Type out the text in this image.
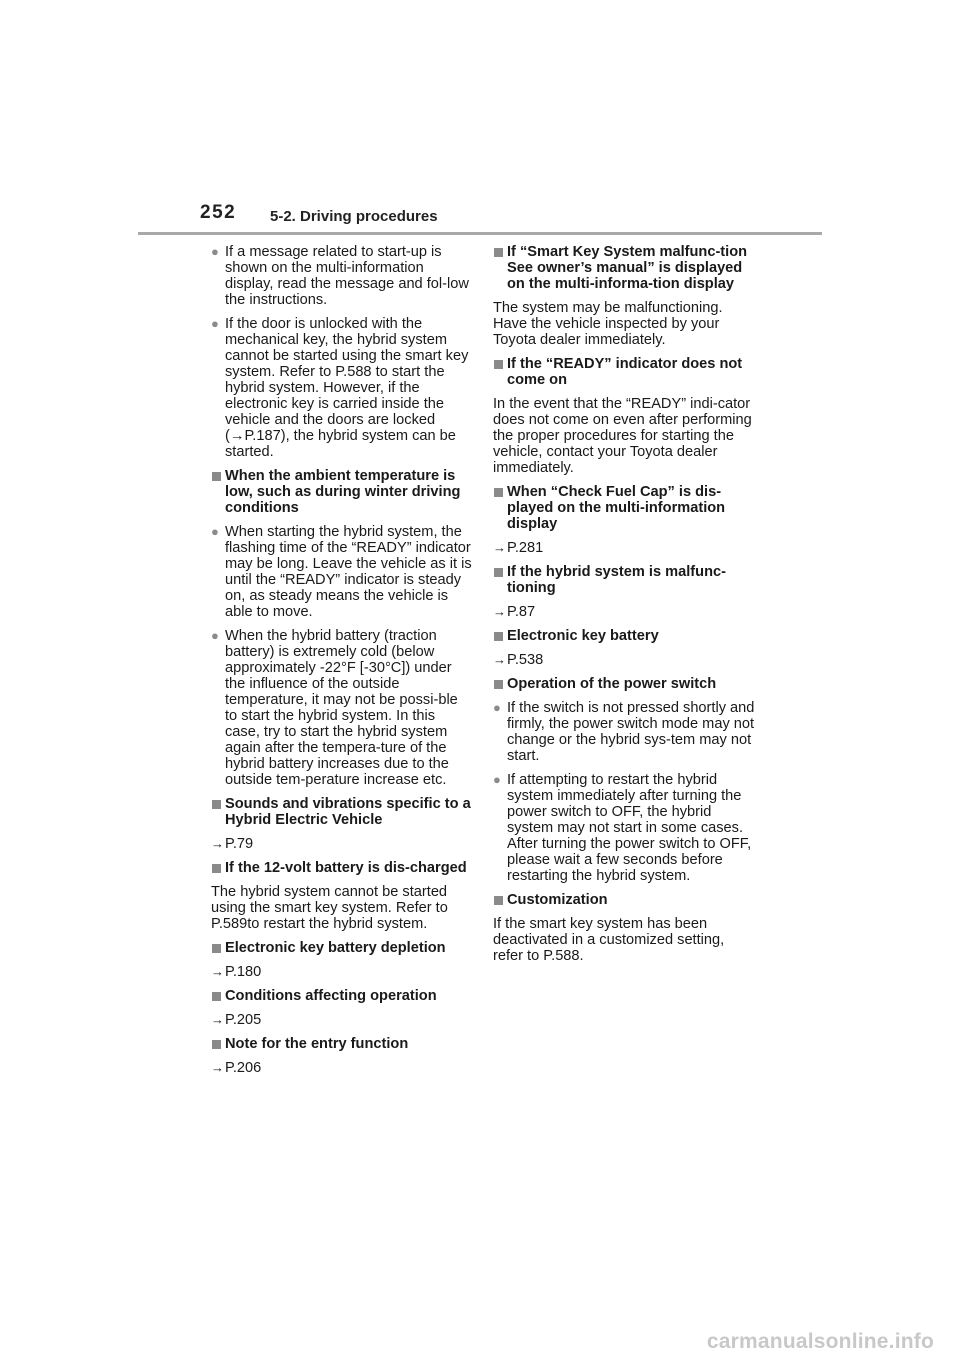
252 5-2. Driving procedures
● If a message related to start-up is shown on the multi-information display, read the message and fol-low the instructions.
● If the door is unlocked with the mechanical key, the hybrid system cannot be started using the smart key system. Refer to P.588 to start the hybrid system. However, if the electronic key is carried inside the vehicle and the doors are locked (→P.187), the hybrid system can be started.
When the ambient temperature is low, such as during winter driving conditions
● When starting the hybrid system, the flashing time of the “READY” indicator may be long. Leave the vehicle as it is until the “READY” indicator is steady on, as steady means the vehicle is able to move.
● When the hybrid battery (traction battery) is extremely cold (below approximately -22°F [-30°C]) under the influence of the outside temperature, it may not be possi-ble to start the hybrid system. In this case, try to start the hybrid system again after the tempera-ture of the hybrid battery increases due to the outside tem-perature increase etc.
Sounds and vibrations specific to a Hybrid Electric Vehicle
→P.79
If the 12-volt battery is dis-charged
The hybrid system cannot be started using the smart key system. Refer to P.589to restart the hybrid system.
Electronic key battery depletion
→P.180
Conditions affecting operation
→P.205
Note for the entry function
→P.206
If “Smart Key System malfunc-tion See owner’s manual” is displayed on the multi-informa-tion display
The system may be malfunctioning. Have the vehicle inspected by your Toyota dealer immediately.
If the “READY” indicator does not come on
In the event that the “READY” indi-cator does not come on even after performing the proper procedures for starting the vehicle, contact your Toyota dealer immediately.
When “Check Fuel Cap” is dis-played on the multi-information display
→P.281
If the hybrid system is malfunc-tioning
→P.87
Electronic key battery
→P.538
Operation of the power switch
● If the switch is not pressed shortly and firmly, the power switch mode may not change or the hybrid sys-tem may not start.
● If attempting to restart the hybrid system immediately after turning the power switch to OFF, the hybrid system may not start in some cases. After turning the power switch to OFF, please wait a few seconds before restarting the hybrid system.
Customization
If the smart key system has been deactivated in a customized setting, refer to P.588.
carmanualsonline.info
